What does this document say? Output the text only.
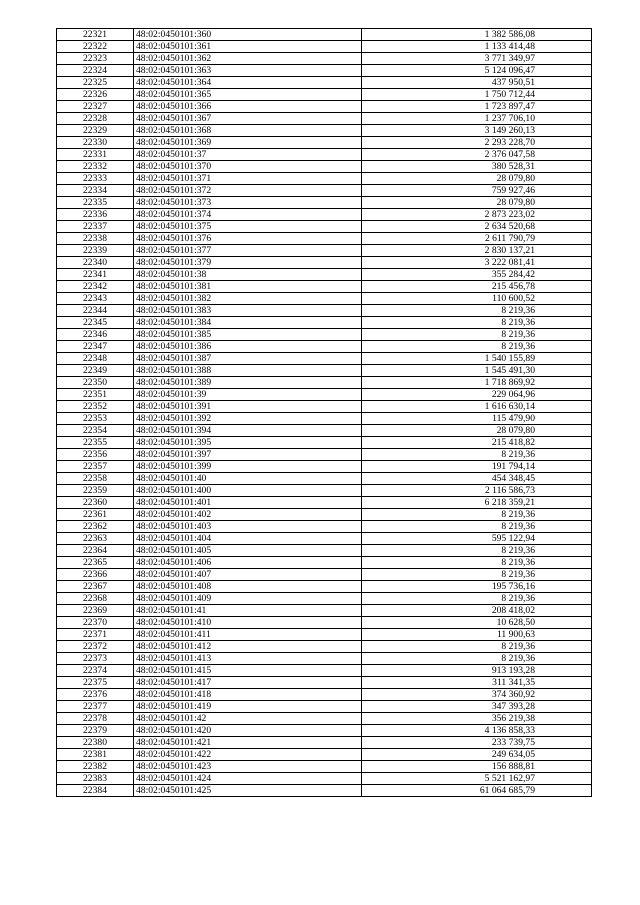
22321	48:02:0450101:360	1 382 586,08
22322	48:02:0450101:361	1 133 414,48
22323	48:02:0450101:362	3 771 349,97
22324	48:02:0450101:363	5 124 096,47
22325	48:02:0450101:364	437 950,51
22326	48:02:0450101:365	1 750 712,44
22327	48:02:0450101:366	1 723 897,47
22328	48:02:0450101:367	1 237 706,10
22329	48:02:0450101:368	3 149 260,13
22330	48:02:0450101:369	2 293 228,70
22331	48:02:0450101:37	2 376 047,58
22332	48:02:0450101:370	380 528,31
22333	48:02:0450101:371	28 079,80
22334	48:02:0450101:372	759 927,46
22335	48:02:0450101:373	28 079,80
22336	48:02:0450101:374	2 873 223,02
22337	48:02:0450101:375	2 634 520,68
22338	48:02:0450101:376	2 611 790,79
22339	48:02:0450101:377	2 830 137,21
22340	48:02:0450101:379	3 222 081,41
22341	48:02:0450101:38	355 284,42
22342	48:02:0450101:381	215 456,78
22343	48:02:0450101:382	110 600,52
22344	48:02:0450101:383	8 219,36
22345	48:02:0450101:384	8 219,36
22346	48:02:0450101:385	8 219,36
22347	48:02:0450101:386	8 219,36
22348	48:02:0450101:387	1 540 155,89
22349	48:02:0450101:388	1 545 491,30
22350	48:02:0450101:389	1 718 869,92
22351	48:02:0450101:39	229 064,96
22352	48:02:0450101:391	1 616 630,14
22353	48:02:0450101:392	115 479,90
22354	48:02:0450101:394	28 079,80
22355	48:02:0450101:395	215 418,82
22356	48:02:0450101:397	8 219,36
22357	48:02:0450101:399	191 794,14
22358	48:02:0450101:40	454 348,45
22359	48:02:0450101:400	2 116 586,73
22360	48:02:0450101:401	6 218 359,21
22361	48:02:0450101:402	8 219,36
22362	48:02:0450101:403	8 219,36
22363	48:02:0450101:404	595 122,94
22364	48:02:0450101:405	8 219,36
22365	48:02:0450101:406	8 219,36
22366	48:02:0450101:407	8 219,36
22367	48:02:0450101:408	195 736,16
22368	48:02:0450101:409	8 219,36
22369	48:02:0450101:41	208 418,02
22370	48:02:0450101:410	10 628,50
22371	48:02:0450101:411	11 900,63
22372	48:02:0450101:412	8 219,36
22373	48:02:0450101:413	8 219,36
22374	48:02:0450101:415	913 193,28
22375	48:02:0450101:417	311 341,35
22376	48:02:0450101:418	374 360,92
22377	48:02:0450101:419	347 393,28
22378	48:02:0450101:42	356 219,38
22379	48:02:0450101:420	4 136 858,33
22380	48:02:0450101:421	233 739,75
22381	48:02:0450101:422	249 634,05
22382	48:02:0450101:423	156 888,81
22383	48:02:0450101:424	5 521 162,97
22384	48:02:0450101:425	61 064 685,79
